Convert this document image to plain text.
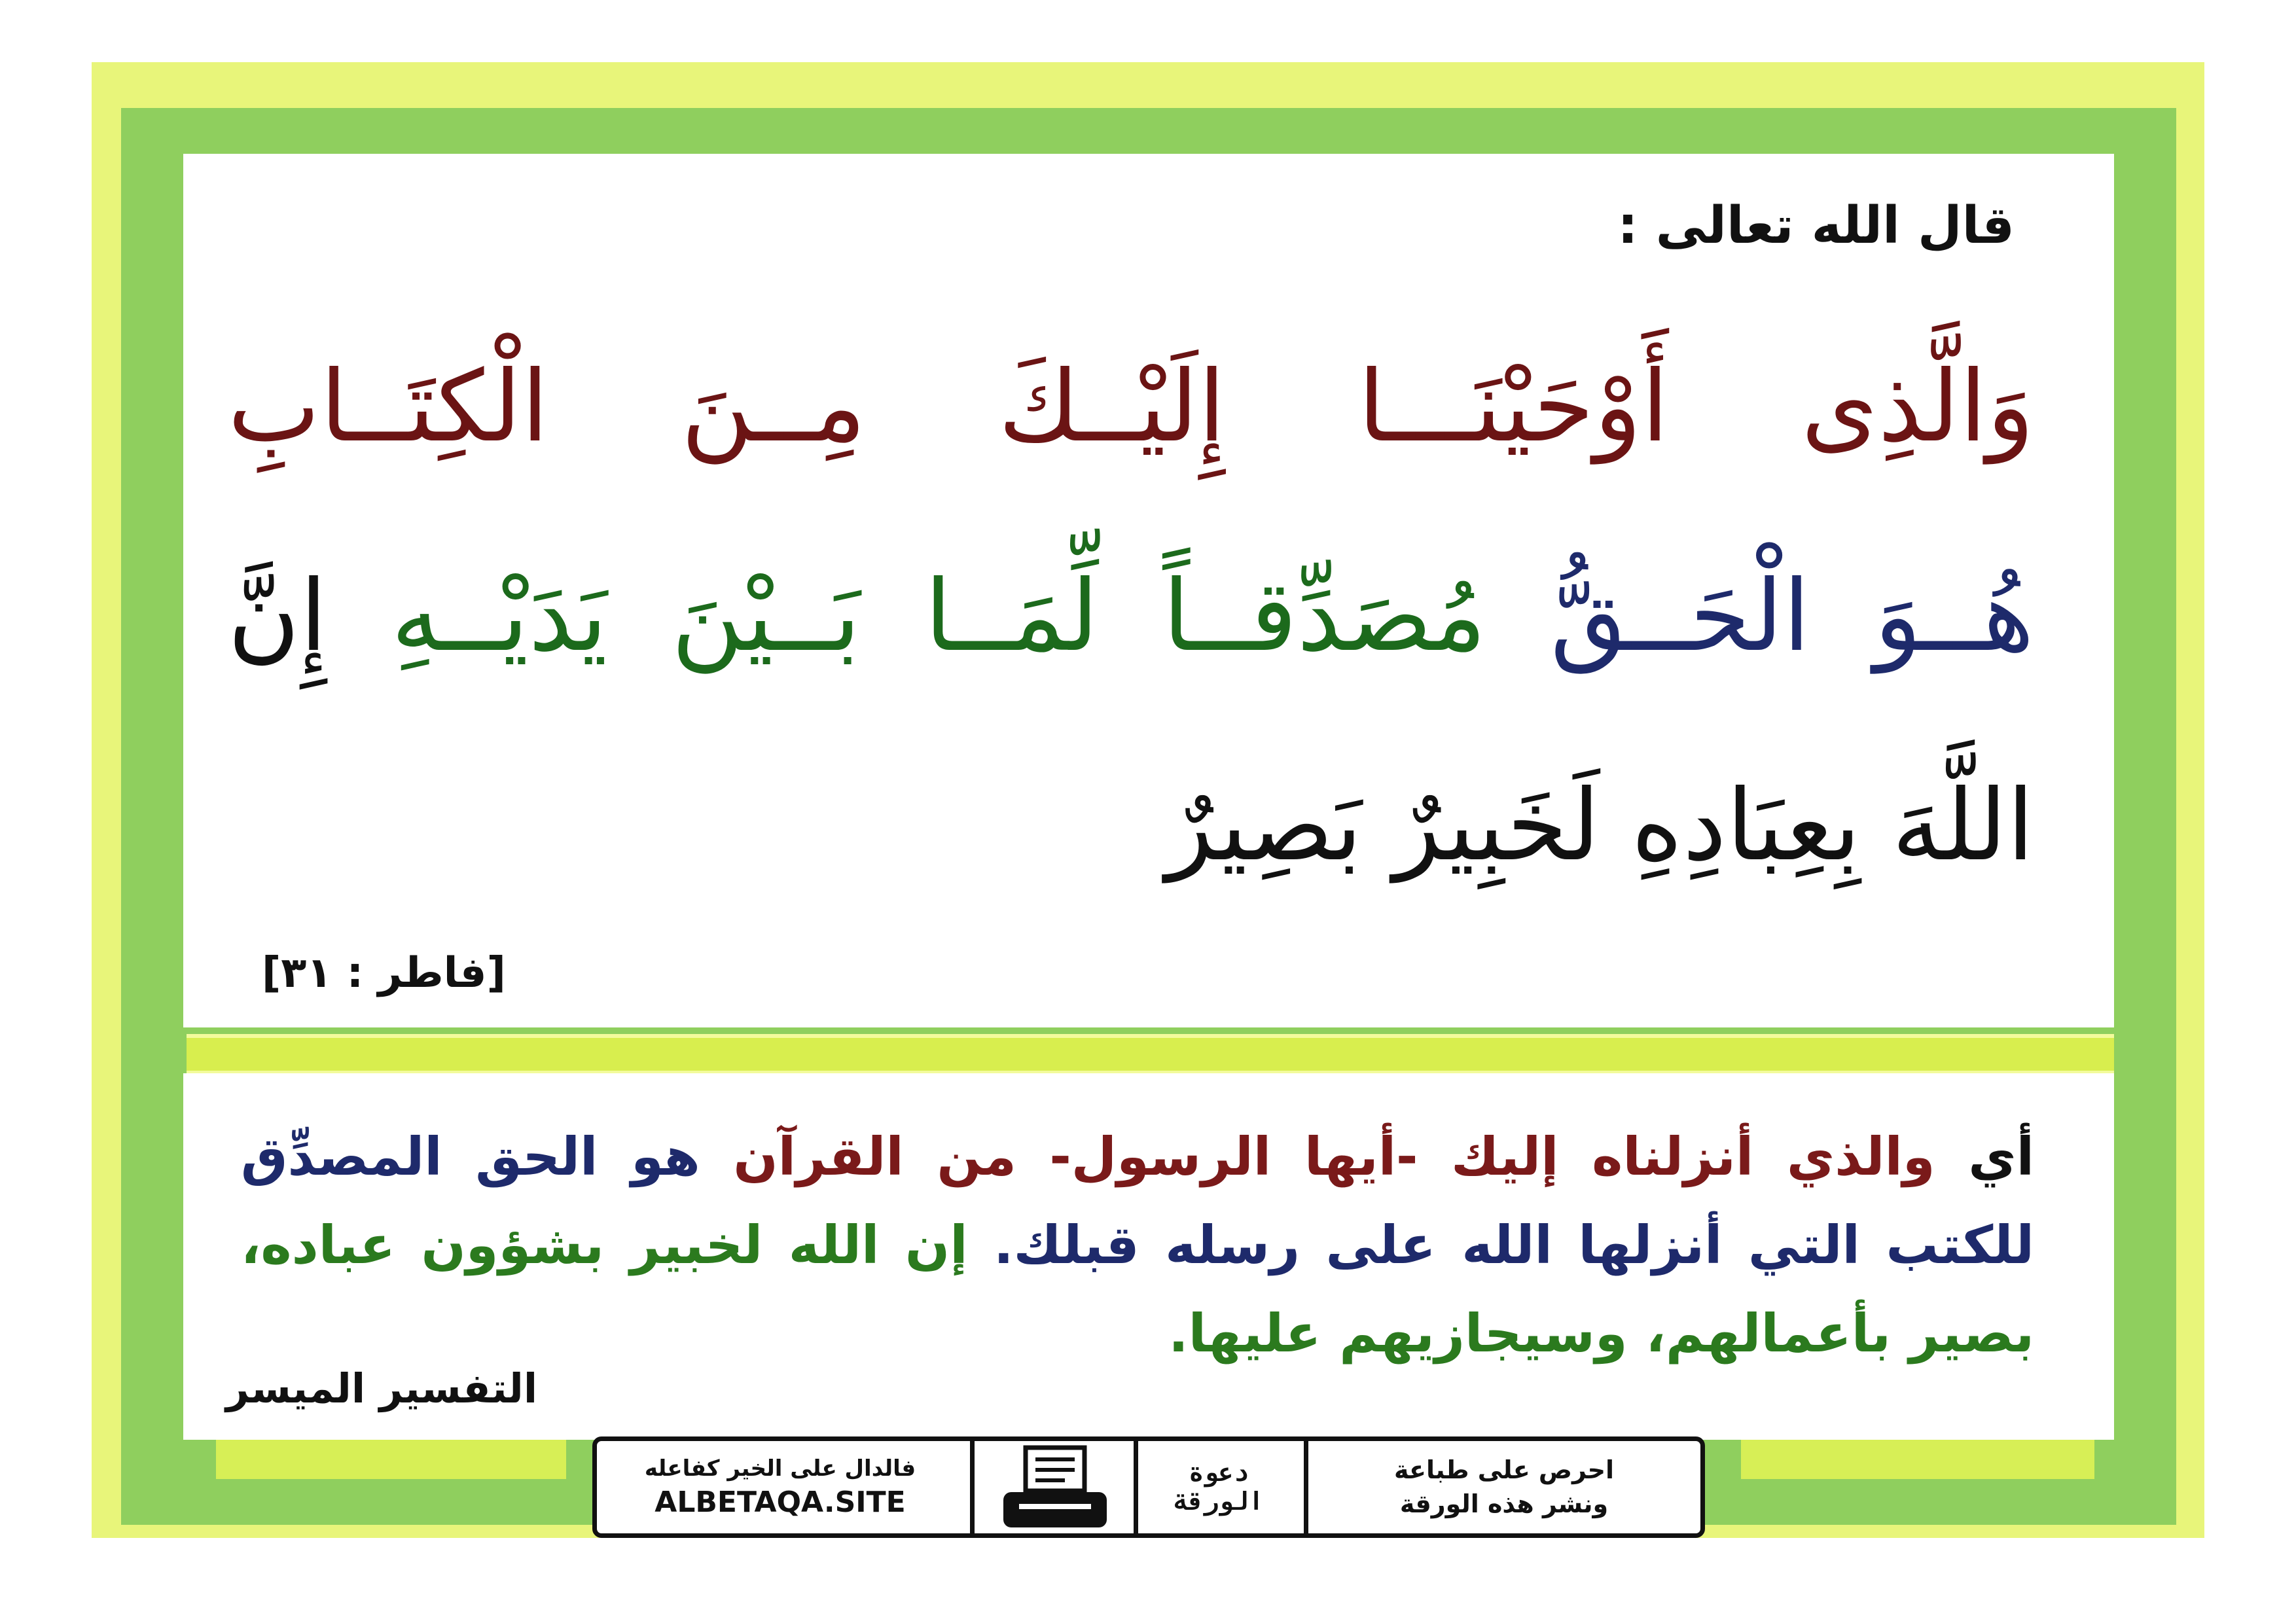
قال الله تعالى :
وَالَّذِى أَوْحَيْنَـــا إِلَيْــكَ مِــنَ الْكِتَــابِ
هُــوَ الْحَــقُّ مُصَدِّقــاً لِّمَــا بَــيْنَ يَدَيْــهِ إِنَّ
اللَّهَ بِعِبَادِهِ لَخَبِيرٌ بَصِيرٌ
[فاطر : ٣١]
أي والذي أنزلناه إليك -أيها الرسول- من القرآن هو الحق المصدِّق للكتب التي أنزلها الله على رسله قبلك. إن الله لخبير بشؤون عباده، بصير بأعمالهم، وسيجازيهم عليها.
التفسير الميسر
فالدال على الخير كفاعله
ALBETAQA.SITE
دعوة
الورقة
احرص على طباعة
ونشر هذه الورقة
